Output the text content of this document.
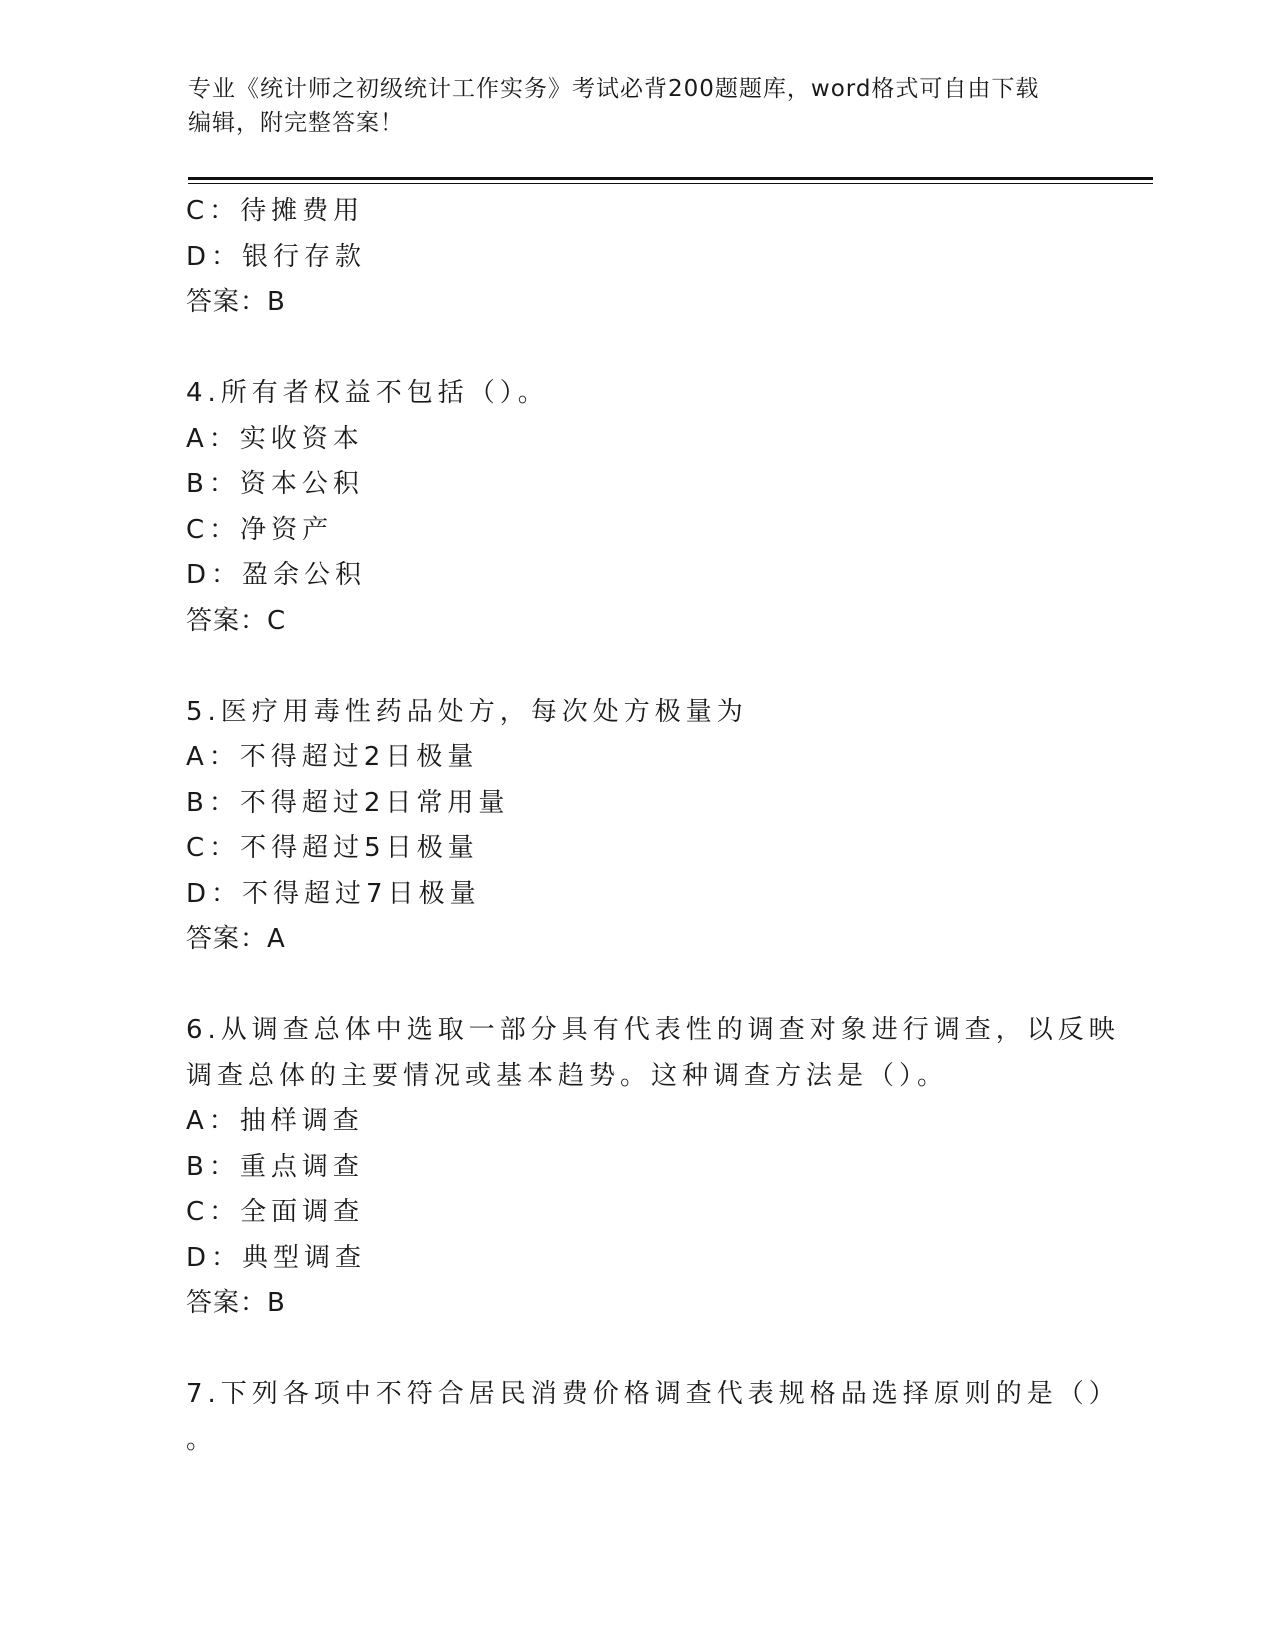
专业《统计师之初级统计工作实务》考试必背200题题库，word格式可自由下载
编辑，附完整答案！
C：待摊费用
D：银行存款
答案：B
4.所有者权益不包括（）。
A：实收资本
B：资本公积
C：净资产
D：盈余公积
答案：C
5.医疗用毒性药品处方，每次处方极量为
A：不得超过2日极量
B：不得超过2日常用量
C：不得超过5日极量
D：不得超过7日极量
答案：A
6.从调查总体中选取一部分具有代表性的调查对象进行调查，以反映
调查总体的主要情况或基本趋势。这种调查方法是（）。
A：抽样调查
B：重点调查
C：全面调查
D：典型调查
答案：B
7.下列各项中不符合居民消费价格调查代表规格品选择原则的是（）
。
